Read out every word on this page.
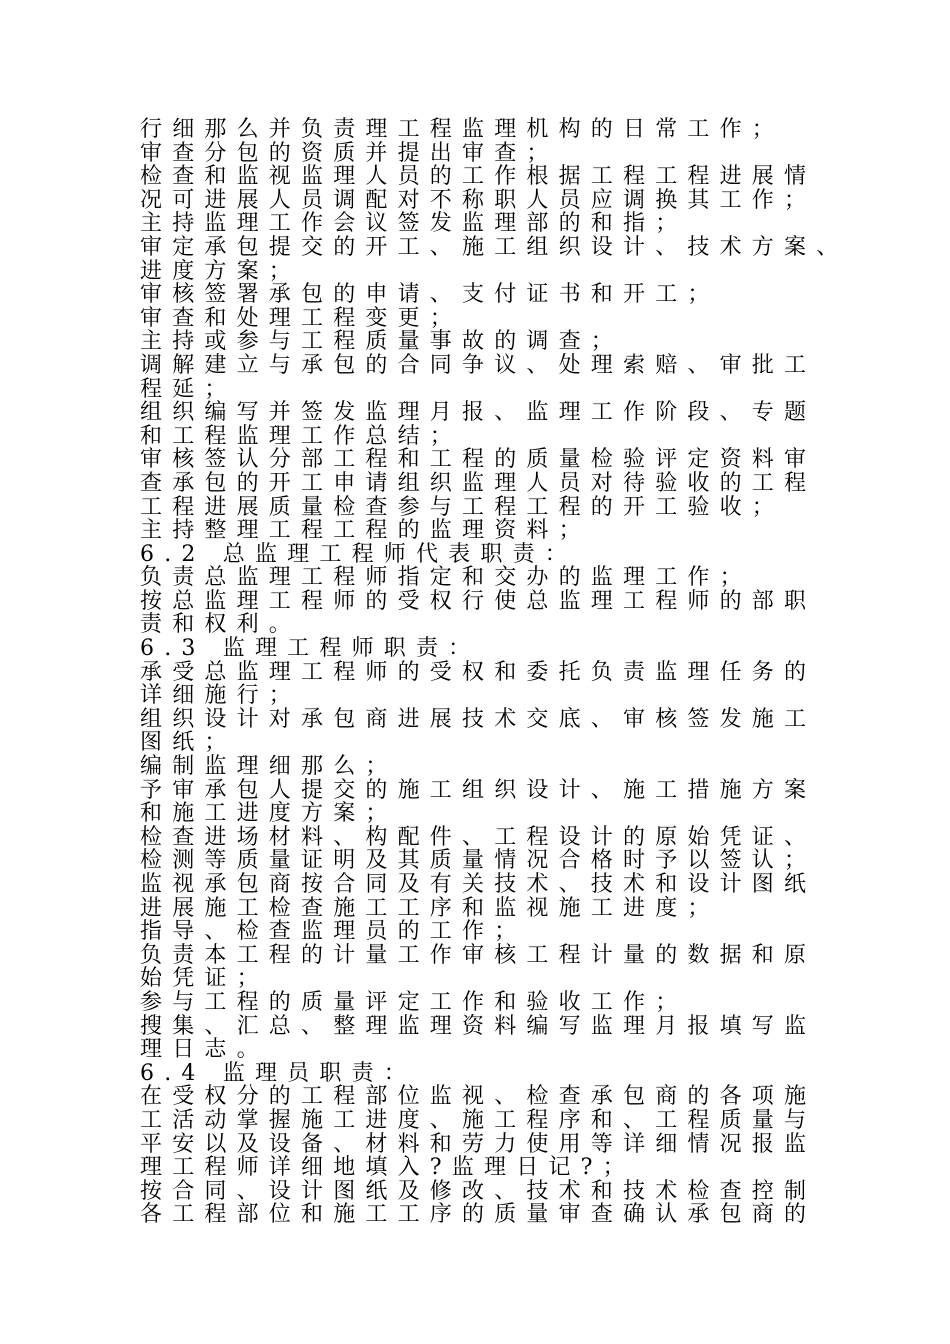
行细那么并负责理工程监理机构的日常工作；
审查分包的资质并提出审查；
检查和监视监理人员的工作根据工程工程进展情
况可进展人员调配对不称职人员应调换其工作；
主持监理工作会议签发监理部的和指；
审定承包提交的开工、施工组织设计、技术方案、
进度方案；
审核签署承包的申请、支付证书和开工；
审查和处理工程变更；
主持或参与工程质量事故的调查；
调解建立与承包的合同争议、处理索赔、审批工
程延；
组织编写并签发监理月报、监理工作阶段、专题
和工程监理工作总结；
审核签认分部工程和工程的质量检验评定资料审
查承包的开工申请组织监理人员对待验收的工程
工程进展质量检查参与工程工程的开工验收；
主持整理工程工程的监理资料；
6.2 总监理工程师代表职责：
负责总监理工程师指定和交办的监理工作；
按总监理工程师的受权行使总监理工程师的部职
责和权利。
6.3 监理工程师职责：
承受总监理工程师的受权和委托负责监理任务的
详细施行；
组织设计对承包商进展技术交底、审核签发施工
图纸；
编制监理细那么；
予审承包人提交的施工组织设计、施工措施方案
和施工进度方案；
检查进场材料、构配件、工程设计的原始凭证、
检测等质量证明及其质量情况合格时予以签认；
监视承包商按合同及有关技术、技术和设计图纸
进展施工检查施工工序和监视施工进度；
指导、检查监理员的工作；
负责本工程的计量工作审核工程计量的数据和原
始凭证；
参与工程的质量评定工作和验收工作；
搜集、汇总、整理监理资料编写监理月报填写监
理日志。
6.4 监理员职责：
在受权分的工程部位监视、检查承包商的各项施
工活动掌握施工进度、施工程序和、工程质量与
平安以及设备、材料和劳力使用等详细情况报监
理工程师详细地填入?监理日记?；
按合同、设计图纸及修改、技术和技术检查控制
各工程部位和施工工序的质量审查确认承包商的
